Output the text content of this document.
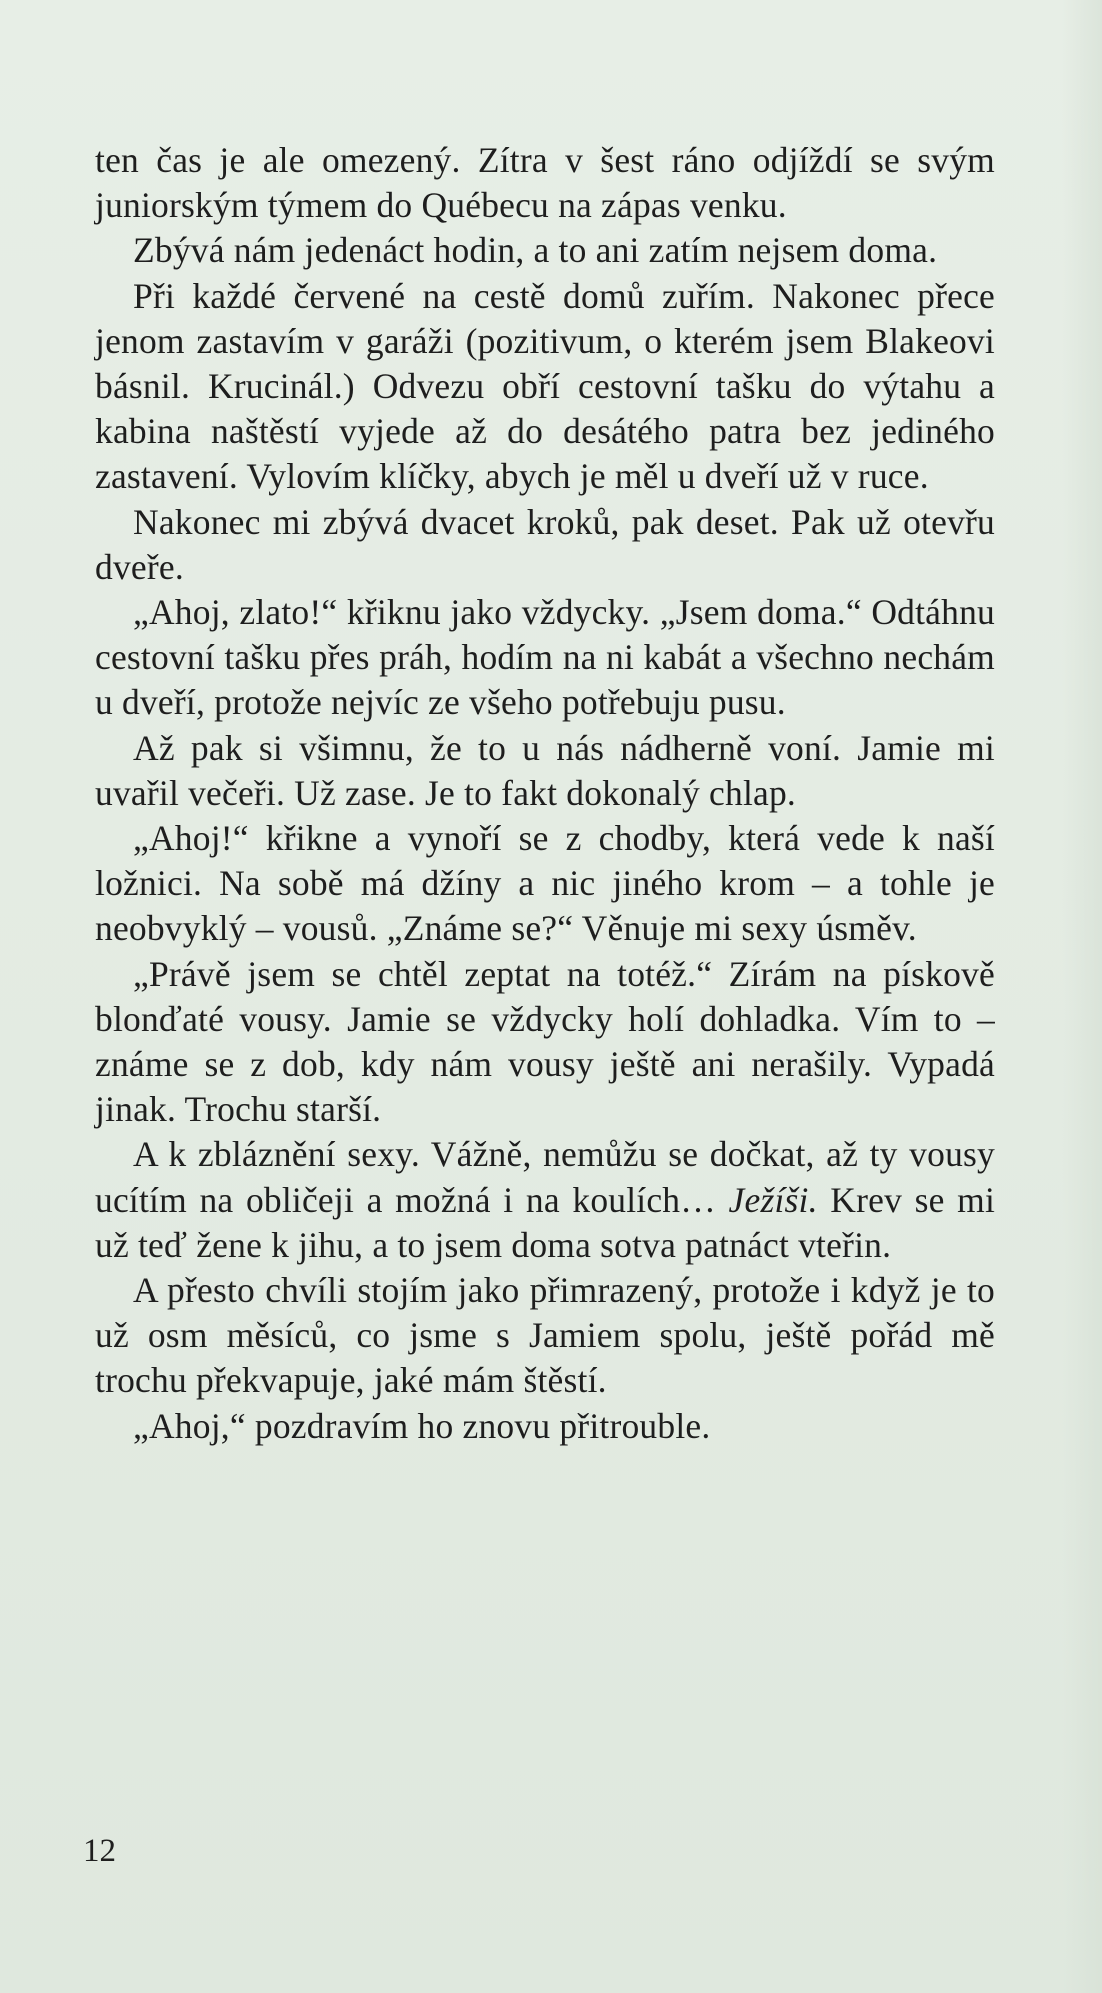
ten čas je ale omezený. Zítra v šest ráno odjíždí se svým juniorským týmem do Québecu na zápas venku.

Zbývá nám jedenáct hodin, a to ani zatím nejsem doma.

Při každé červené na cestě domů zuřím. Nakonec přece jenom zastavím v garáži (pozitivum, o kterém jsem Blakeovi básnil. Krucinál.) Odvezu obří cestovní tašku do výtahu a kabina naštěstí vyjede až do desátého patra bez jediného zastavení. Vylovím klíčky, abych je měl u dveří už v ruce.

Nakonec mi zbývá dvacet kroků, pak deset. Pak už otevřu dveře.

„Ahoj, zlato!“ křiknu jako vždycky. „Jsem doma.“ Odtáhnu cestovní tašku přes práh, hodím na ni kabát a všechno nechám u dveří, protože nejvíc ze všeho potřebuju pusu.

Až pak si všimnu, že to u nás nádherně voní. Jamie mi uvařil večeři. Už zase. Je to fakt dokonalý chlap.

„Ahoj!“ křikne a vynoří se z chodby, která vede k naší ložnici. Na sobě má džíny a nic jiného krom – a tohle je neobvyklý – vousů. „Známe se?“ Věnuje mi sexy úsměv.

„Právě jsem se chtěl zeptat na totéž.“ Zírám na pískově blonďaté vousy. Jamie se vždycky holí dohladka. Vím to – známe se z dob, kdy nám vousy ještě ani nerašily. Vypadá jinak. Trochu starší.

A k zbláznění sexy. Vážně, nemůžu se dočkat, až ty vousy ucítím na obličeji a možná i na koulích… Ježíši. Krev se mi už teď žene k jihu, a to jsem doma sotva patnáct vteřin.

A přesto chvíli stojím jako přimrazený, protože i když je to už osm měsíců, co jsme s Jamiem spolu, ještě pořád mě trochu překvapuje, jaké mám štěstí.

„Ahoj,“ pozdravím ho znovu přitrouble.

12
